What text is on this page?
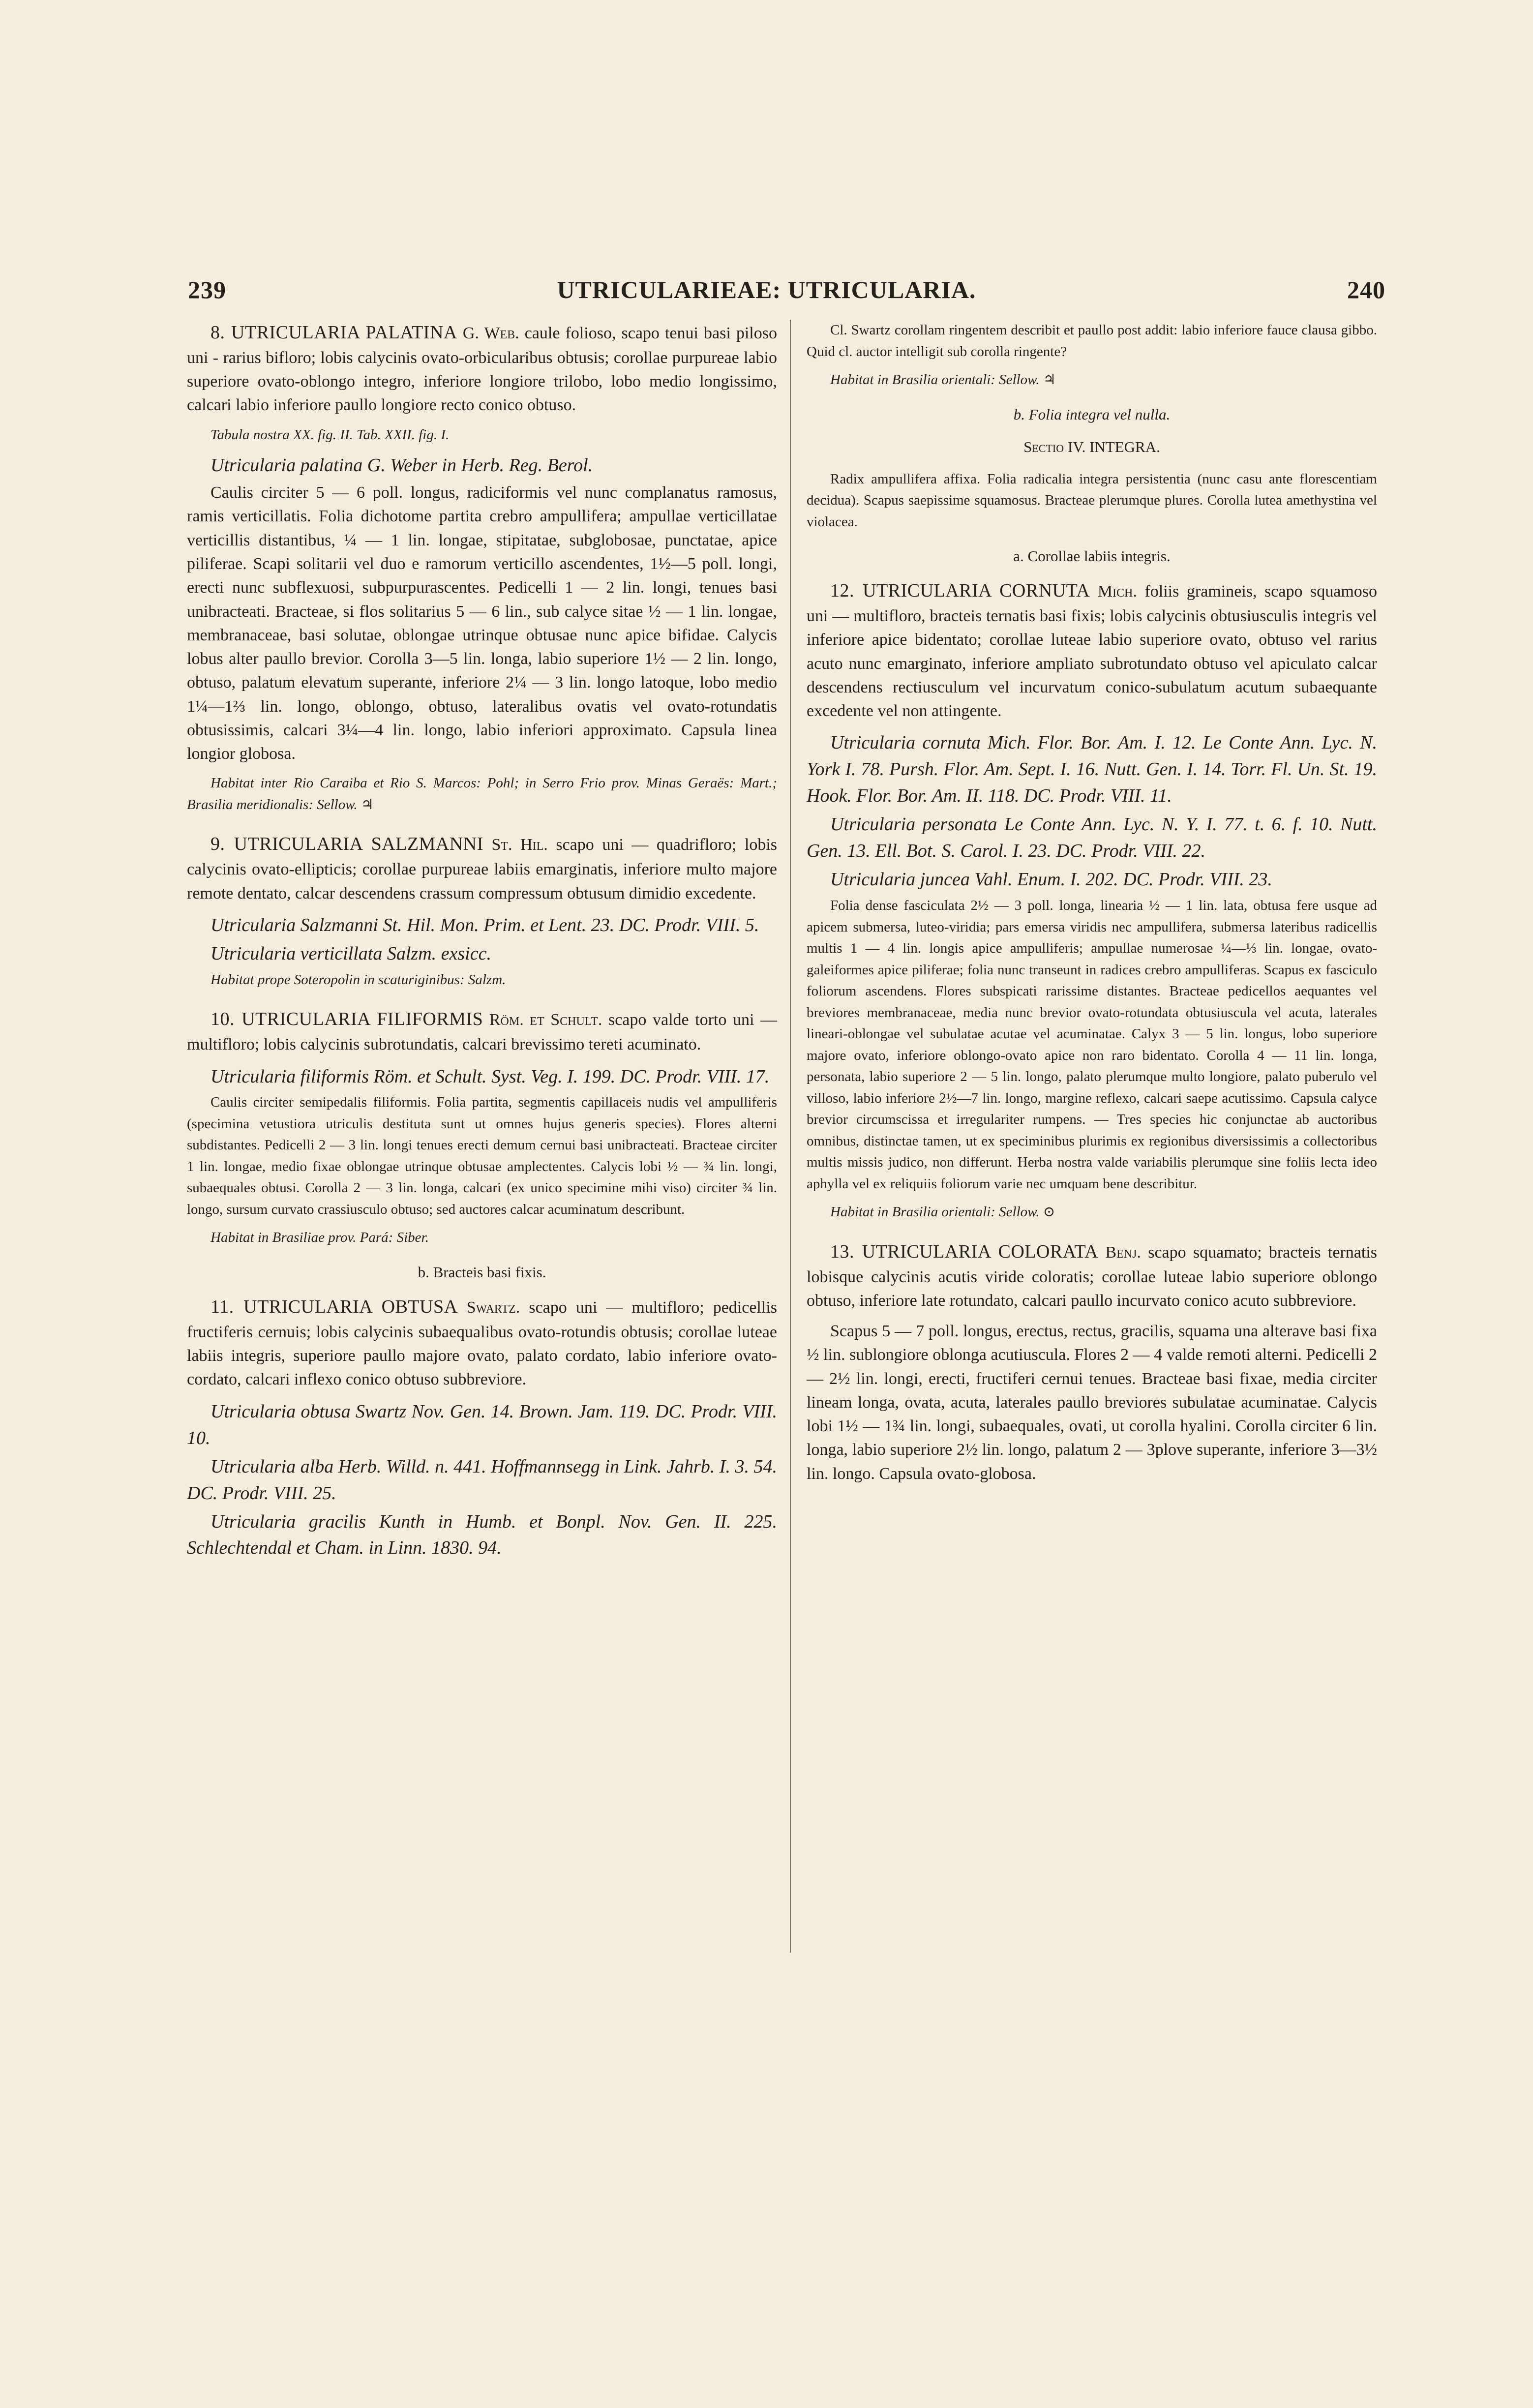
239	UTRICULARIEAE: UTRICULARIA.	240

8. UTRICULARIA PALATINA G. Web. caule folioso, scapo tenui basi piloso uni - rarius bifloro; lobis calycinis ovato-orbicularibus obtusis; corollae purpureae labio superiore ovato-oblongo integro, inferiore longiore trilobo, lobo medio longissimo, calcari labio inferiore paullo longiore recto conico obtuso.

Tabula nostra XX. fig. II. Tab. XXII. fig. I.

Utricularia palatina G. Weber in Herb. Reg. Berol.

Caulis circiter 5 — 6 poll. longus, radiciformis vel nunc complanatus ramosus, ramis verticillatis. Folia dichotome partita crebro ampullifera; ampullae verticillatae verticillis distantibus, ¼ — 1 lin. longae, stipitatae, subglobosae, punctatae, apice piliferae. Scapi solitarii vel duo e ramorum verticillo ascendentes, 1½—5 poll. longi, erecti nunc subflexuosi, subpurpurascentes. Pedicelli 1 — 2 lin. longi, tenues basi unibracteati. Bracteae, si flos solitarius 5 — 6 lin., sub calyce sitae ½ — 1 lin. longae, membranaceae, basi solutae, oblongae utrinque obtusae nunc apice bifidae. Calycis lobus alter paullo brevior. Corolla 3—5 lin. longa, labio superiore 1½ — 2 lin. longo, obtuso, palatum elevatum superante, inferiore 2¼ — 3 lin. longo latoque, lobo medio 1¼—1⅔ lin. longo, oblongo, obtuso, lateralibus ovatis vel ovato-rotundatis obtusissimis, calcari 3¼—4 lin. longo, labio inferiori approximato. Capsula linea longior globosa.

Habitat inter Rio Caraiba et Rio S. Marcos: Pohl; in Serro Frio prov. Minas Geraës: Mart.; Brasilia meridionalis: Sellow. ♃

9. UTRICULARIA SALZMANNI St. Hil. scapo uni — quadrifloro; lobis calycinis ovato-ellipticis; corollae purpureae labiis emarginatis, inferiore multo majore remote dentato, calcar descendens crassum compressum obtusum dimidio excedente.

Utricularia Salzmanni St. Hil. Mon. Prim. et Lent. 23. DC. Prodr. VIII. 5.

Utricularia verticillata Salzm. exsicc.

Habitat prope Soteropolin in scaturiginibus: Salzm.

10. UTRICULARIA FILIFORMIS Röm. et Schult. scapo valde torto uni — multifloro; lobis calycinis subrotundatis, calcari brevissimo tereti acuminato.

Utricularia filiformis Röm. et Schult. Syst. Veg. I. 199. DC. Prodr. VIII. 17.

Caulis circiter semipedalis filiformis. Folia partita, segmentis capillaceis nudis vel ampulliferis (specimina vetustiora utriculis destituta sunt ut omnes hujus generis species). Flores alterni subdistantes. Pedicelli 2 — 3 lin. longi tenues erecti demum cernui basi unibracteati. Bracteae circiter 1 lin. longae, medio fixae oblongae utrinque obtusae amplectentes. Calycis lobi ½ — ¾ lin. longi, subaequales obtusi. Corolla 2 — 3 lin. longa, calcari (ex unico specimine mihi viso) circiter ¾ lin. longo, sursum curvato crassiusculo obtuso; sed auctores calcar acuminatum describunt.

Habitat in Brasiliae prov. Pará: Siber.

b. Bracteis basi fixis.

11. UTRICULARIA OBTUSA Swartz. scapo uni — multifloro; pedicellis fructiferis cernuis; lobis calycinis subaequalibus ovato-rotundis obtusis; corollae luteae labiis integris, superiore paullo majore ovato, palato cordato, labio inferiore ovato-cordato, calcari inflexo conico obtuso subbreviore.

Utricularia obtusa Swartz Nov. Gen. 14. Brown. Jam. 119. DC. Prodr. VIII. 10.

Utricularia alba Herb. Willd. n. 441. Hoffmannsegg in Link. Jahrb. I. 3. 54. DC. Prodr. VIII. 25.

Utricularia gracilis Kunth in Humb. et Bonpl. Nov. Gen. II. 225. Schlechtendal et Cham. in Linn. 1830. 94.

Cl. Swartz corollam ringentem describit et paullo post addit: labio inferiore fauce clausa gibbo. Quid cl. auctor intelligit sub corolla ringente?

Habitat in Brasilia orientali: Sellow. ♃

b. Folia integra vel nulla.

Sectio IV. INTEGRA.

Radix ampullifera affixa. Folia radicalia integra persistentia (nunc casu ante florescentiam decidua). Scapus saepissime squamosus. Bracteae plerumque plures. Corolla lutea amethystina vel violacea.

a. Corollae labiis integris.

12. UTRICULARIA CORNUTA Mich. foliis gramineis, scapo squamoso uni — multifloro, bracteis ternatis basi fixis; lobis calycinis obtusiusculis integris vel inferiore apice bidentato; corollae luteae labio superiore ovato, obtuso vel rarius acuto nunc emarginato, inferiore ampliato subrotundato obtuso vel apiculato calcar descendens rectiusculum vel incurvatum conico-subulatum acutum subaequante excedente vel non attingente.

Utricularia cornuta Mich. Flor. Bor. Am. I. 12. Le Conte Ann. Lyc. N. York I. 78. Pursh. Flor. Am. Sept. I. 16. Nutt. Gen. I. 14. Torr. Fl. Un. St. 19. Hook. Flor. Bor. Am. II. 118. DC. Prodr. VIII. 11.

Utricularia personata Le Conte Ann. Lyc. N. Y. I. 77. t. 6. f. 10. Nutt. Gen. 13. Ell. Bot. S. Carol. I. 23. DC. Prodr. VIII. 22.

Utricularia juncea Vahl. Enum. I. 202. DC. Prodr. VIII. 23.

Folia dense fasciculata 2½ — 3 poll. longa, linearia ½ — 1 lin. lata, obtusa fere usque ad apicem submersa, luteo-viridia; pars emersa viridis nec ampullifera, submersa lateribus radicellis multis 1 — 4 lin. longis apice ampulliferis; ampullae numerosae ¼—⅓ lin. longae, ovato-galeiformes apice piliferae; folia nunc transeunt in radices crebro ampulliferas. Scapus ex fasciculo foliorum ascendens. Flores subspicati rarissime distantes. Bracteae pedicellos aequantes vel breviores membranaceae, media nunc brevior ovato-rotundata obtusiuscula vel acuta, laterales lineari-oblongae vel subulatae acutae vel acuminatae. Calyx 3 — 5 lin. longus, lobo superiore majore ovato, inferiore oblongo-ovato apice non raro bidentato. Corolla 4 — 11 lin. longa, personata, labio superiore 2 — 5 lin. longo, palato plerumque multo longiore, palato puberulo vel villoso, labio inferiore 2½—7 lin. longo, margine reflexo, calcari saepe acutissimo. Capsula calyce brevior circumscissa et irregulariter rumpens. — Tres species hic conjunctae ab auctoribus omnibus, distinctae tamen, ut ex speciminibus plurimis ex regionibus diversissimis a collectoribus multis missis judico, non differunt. Herba nostra valde variabilis plerumque sine foliis lecta ideo aphylla vel ex reliquiis foliorum varie nec umquam bene describitur.

Habitat in Brasilia orientali: Sellow. ⊙

13. UTRICULARIA COLORATA Benj. scapo squamato; bracteis ternatis lobisque calycinis acutis viride coloratis; corollae luteae labio superiore oblongo obtuso, inferiore late rotundato, calcari paullo incurvato conico acuto subbreviore.

Scapus 5 — 7 poll. longus, erectus, rectus, gracilis, squama una alterave basi fixa ½ lin. sublongiore oblonga acutiuscula. Flores 2 — 4 valde remoti alterni. Pedicelli 2 — 2½ lin. longi, erecti, fructiferi cernui tenues. Bracteae basi fixae, media circiter lineam longa, ovata, acuta, laterales paullo breviores subulatae acuminatae. Calycis lobi 1½ — 1¾ lin. longi, subaequales, ovati, ut corolla hyalini. Corolla circiter 6 lin. longa, labio superiore 2½ lin. longo, palatum 2 — 3plove superante, inferiore 3—3½ lin. longo. Capsula ovato-globosa.
